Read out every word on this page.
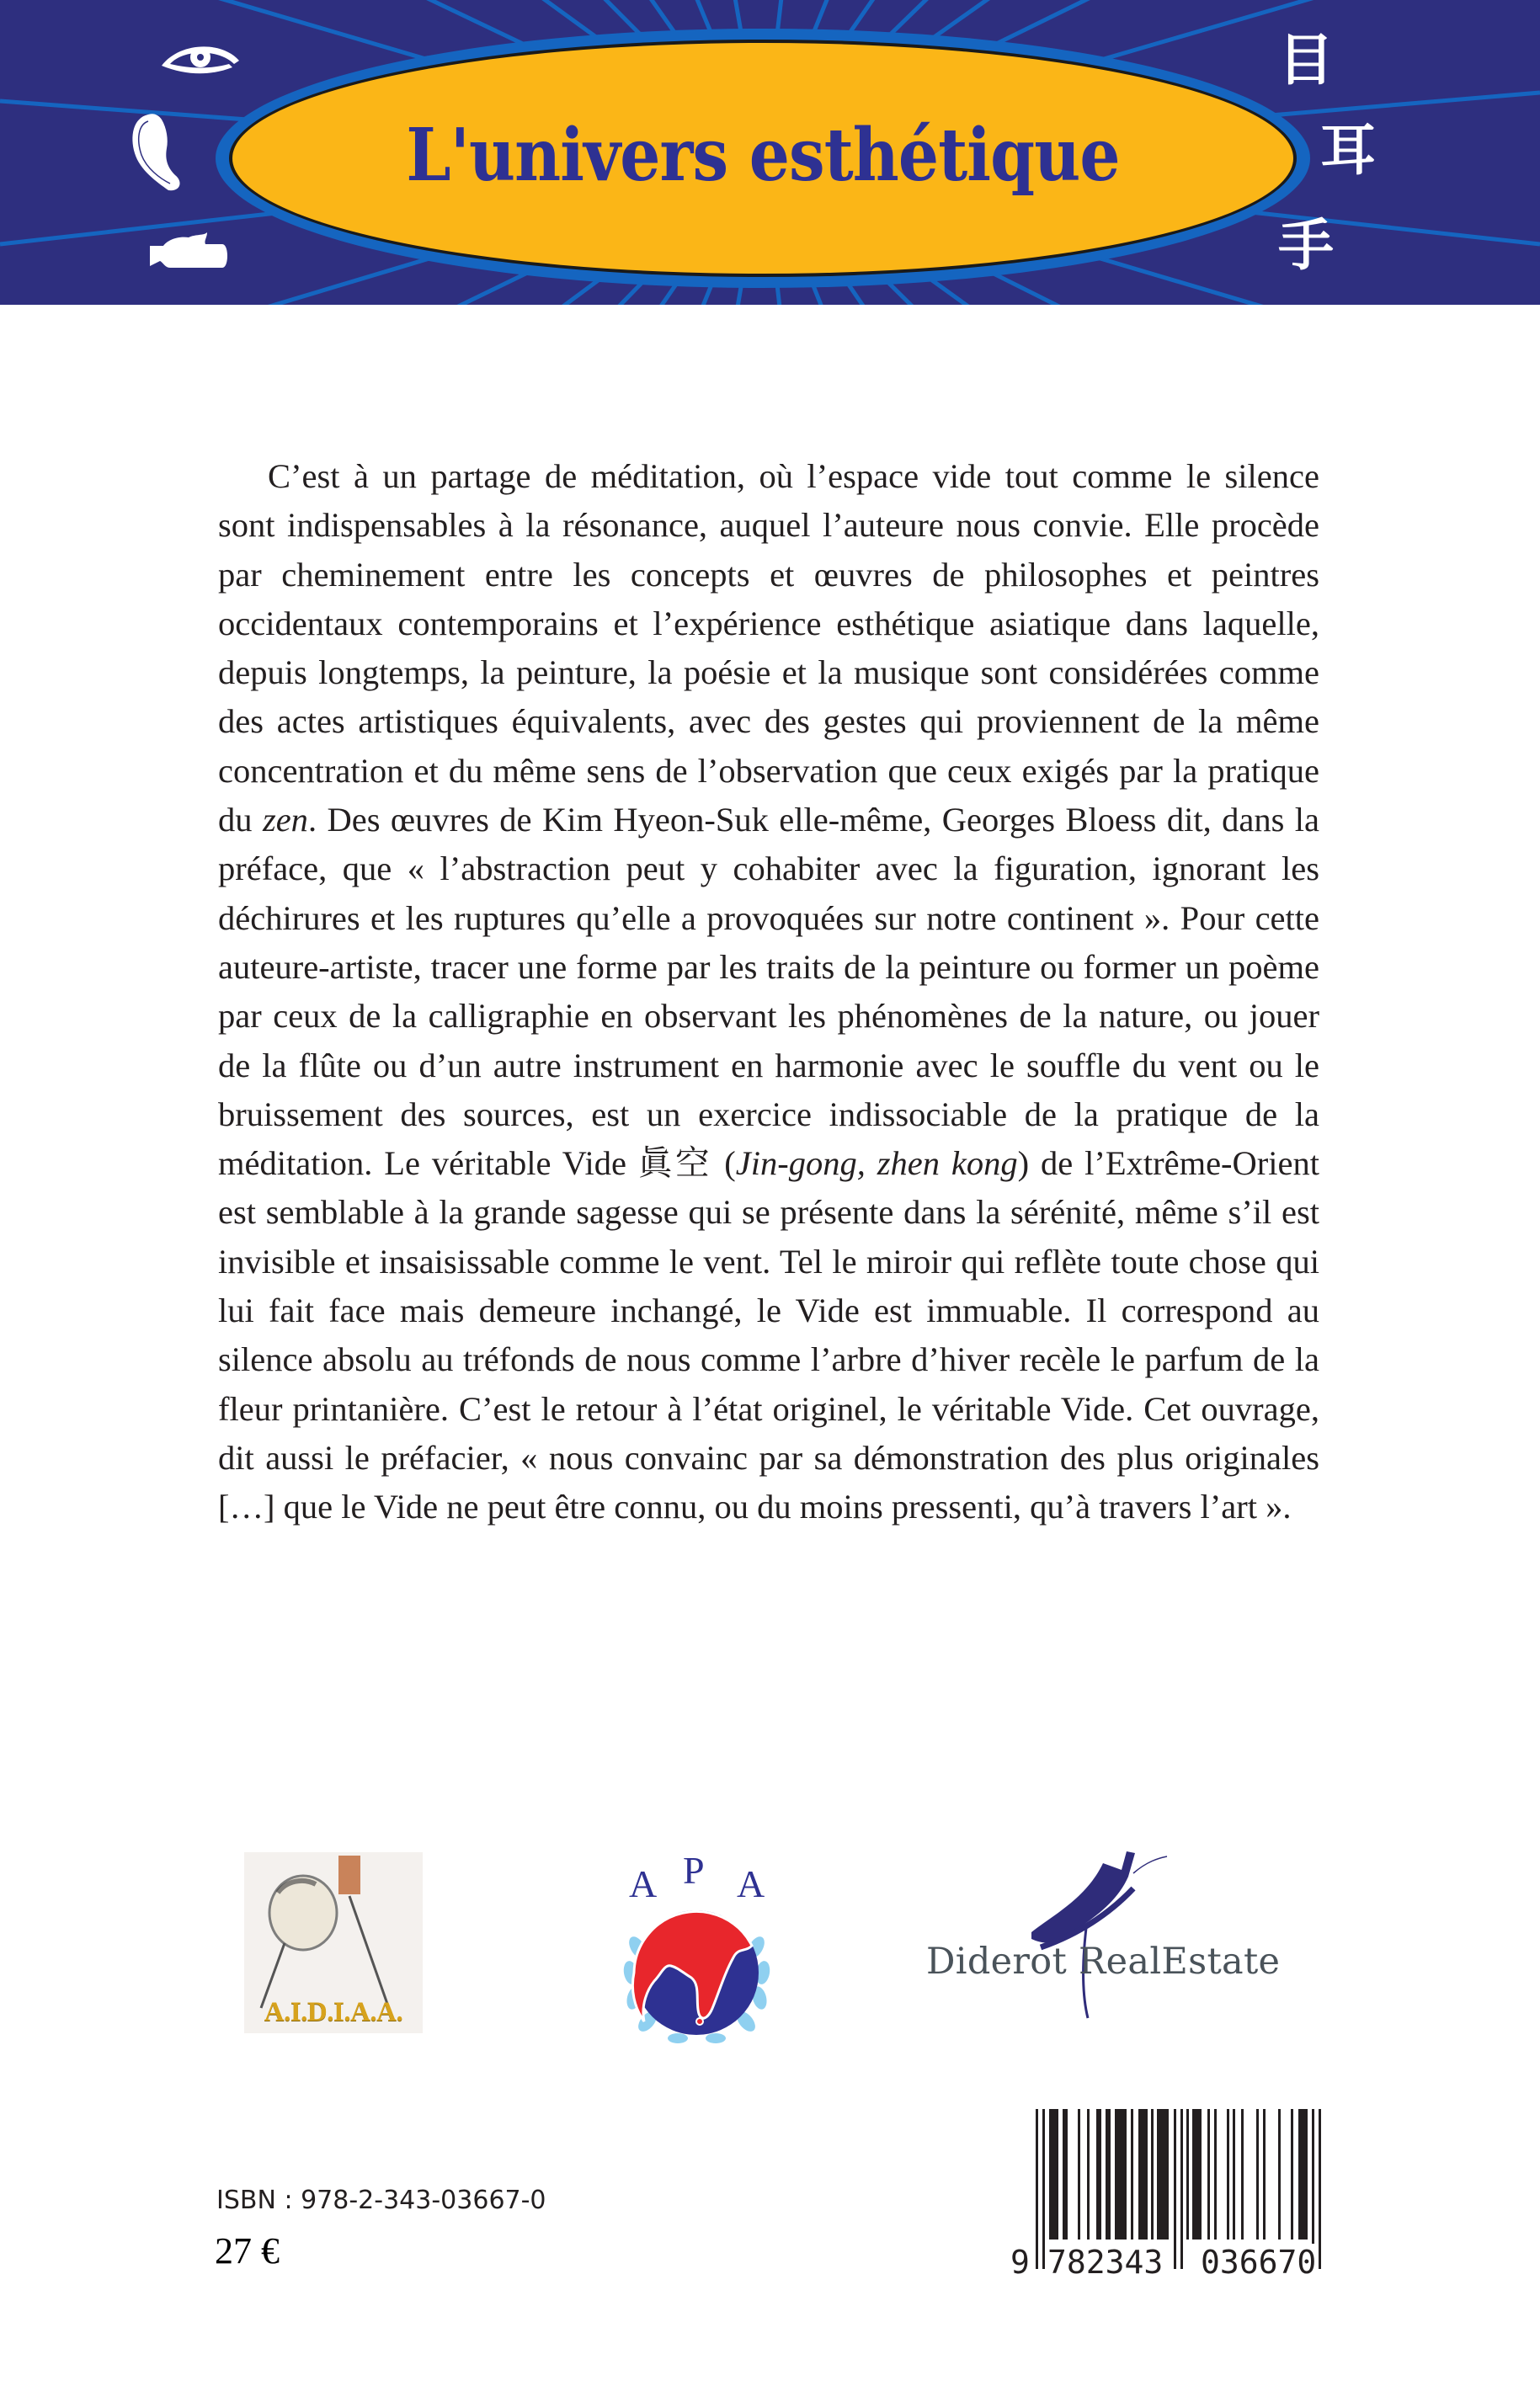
L'univers esthétique
目
耳
手

C’est à un partage de méditation, où l’espace vide tout comme le silence sont indispensables à la résonance, auquel l’auteure nous convie. Elle procède par cheminement entre les concepts et œuvres de philosophes et peintres occidentaux contemporains et l’expérience esthétique asiatique dans laquelle, depuis longtemps, la peinture, la poésie et la musique sont considérées comme des actes artistiques équivalents, avec des gestes qui proviennent de la même concentration et du même sens de l’observation que ceux exigés par la pratique du zen. Des œuvres de Kim Hyeon-Suk elle-même, Georges Bloess dit, dans la préface, que « l’abstraction peut y cohabiter avec la figuration, ignorant les déchirures et les ruptures qu’elle a provoquées sur notre continent ». Pour cette auteure-artiste, tracer une forme par les traits de la peinture ou former un poème par ceux de la calligraphie en observant les phénomènes de la nature, ou jouer de la flûte ou d’un autre instrument en harmonie avec le souffle du vent ou le bruissement des sources, est un exercice indissociable de la pratique de la méditation. Le véritable Vide 眞空 (Jin-gong, zhen kong) de l’Extrême-Orient est semblable à la grande sagesse qui se présente dans la sérénité, même s’il est invisible et insaisissable comme le vent. Tel le miroir qui reflète toute chose qui lui fait face mais demeure inchangé, le Vide est immuable. Il correspond au silence absolu au tréfonds de nous comme l’arbre d’hiver recèle le parfum de la fleur printanière. C’est le retour à l’état originel, le véritable Vide. Cet ouvrage, dit aussi le préfacier, « nous convainc par sa démonstration des plus originales […] que le Vide ne peut être connu, ou du moins pressenti, qu’à travers l’art ».

A.I.D.I.A.A.
A P A
Diderot RealEstate
ISBN : 978-2-343-03667-0
27 €	9 782343 036670
